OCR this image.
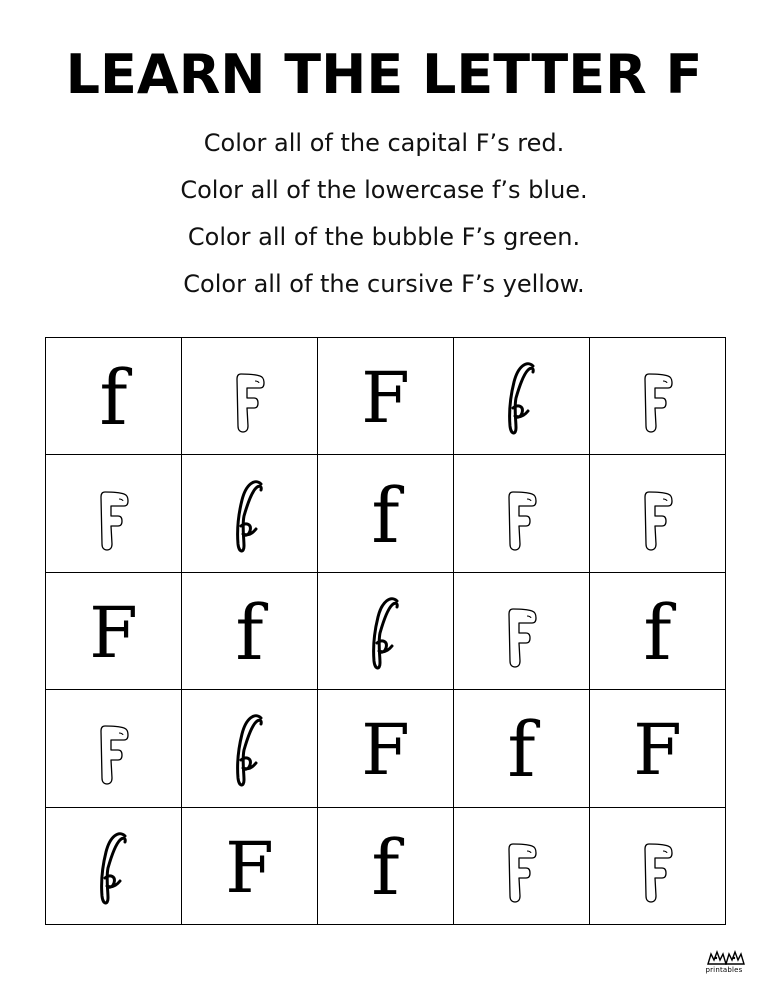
LEARN THE LETTER F
Color all of the capital F’s red.
Color all of the lowercase f’s blue.
Color all of the bubble F’s green.
Color all of the cursive F’s yellow.
f		F

f

F	f			f

F	f	F

F	f

printables
